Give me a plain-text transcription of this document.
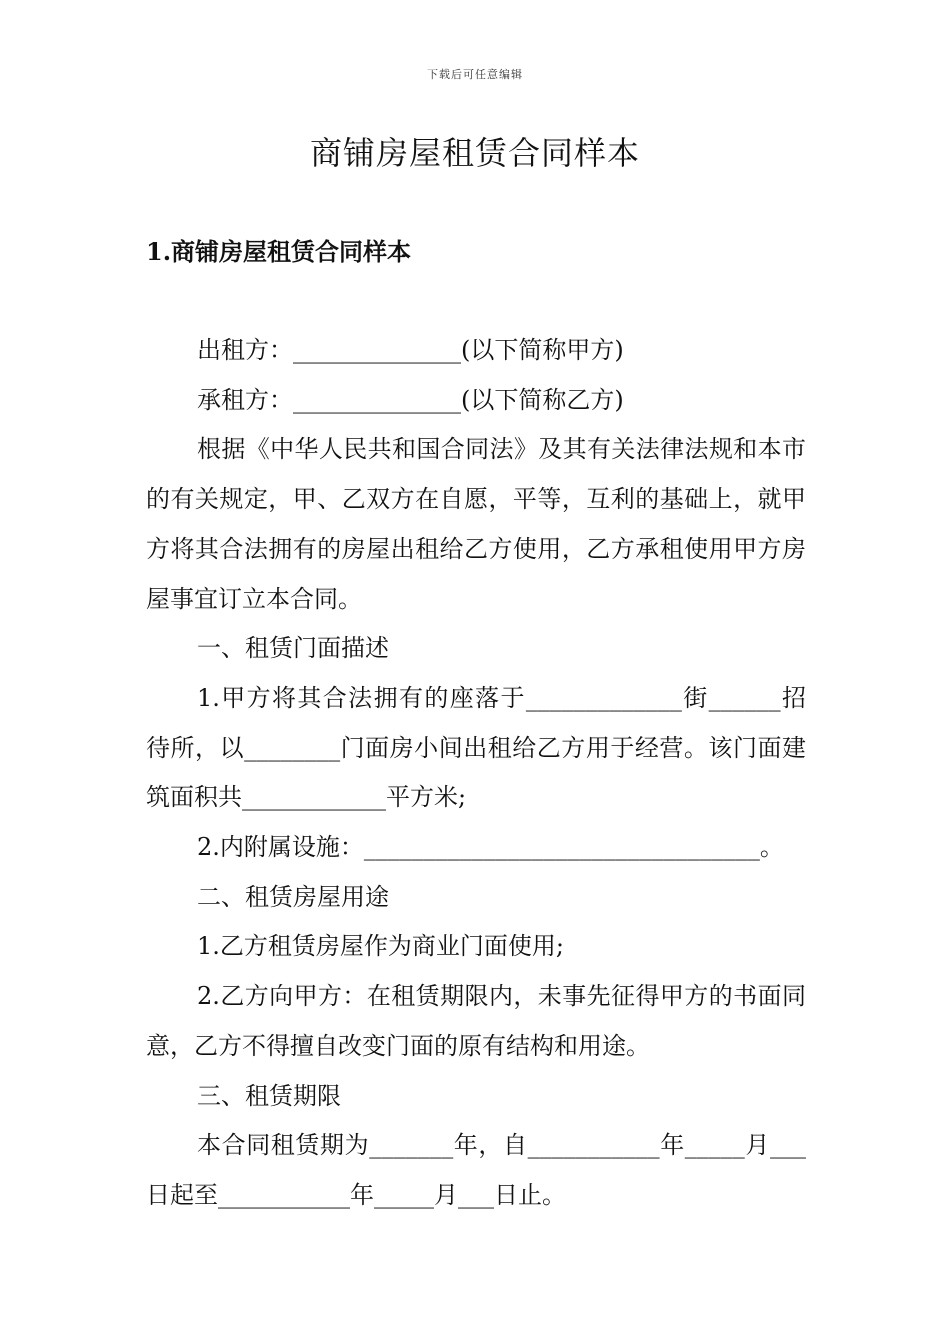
下载后可任意编辑
商铺房屋租赁合同样本
1.商铺房屋租赁合同样本

出租方：______________(以下简称甲方)

承租方：______________(以下简称乙方)

根据《中华人民共和国合同法》及其有关法律法规和本市的有关规定，甲、乙双方在自愿，平等，互利的基础上，就甲方将其合法拥有的房屋出租给乙方使用，乙方承租使用甲方房屋事宜订立本合同。

一、租赁门面描述

1.甲方将其合法拥有的座落于_____________街______招待所，以________门面房小间出租给乙方用于经营。该门面建筑面积共____________平方米;

2.内附属设施：_________________________________。

二、租赁房屋用途

1.乙方租赁房屋作为商业门面使用;

2.乙方向甲方：在租赁期限内，未事先征得甲方的书面同意，乙方不得擅自改变门面的原有结构和用途。

三、租赁期限

本合同租赁期为_______年，自___________年_____月___日起至___________年_____月___日止。
